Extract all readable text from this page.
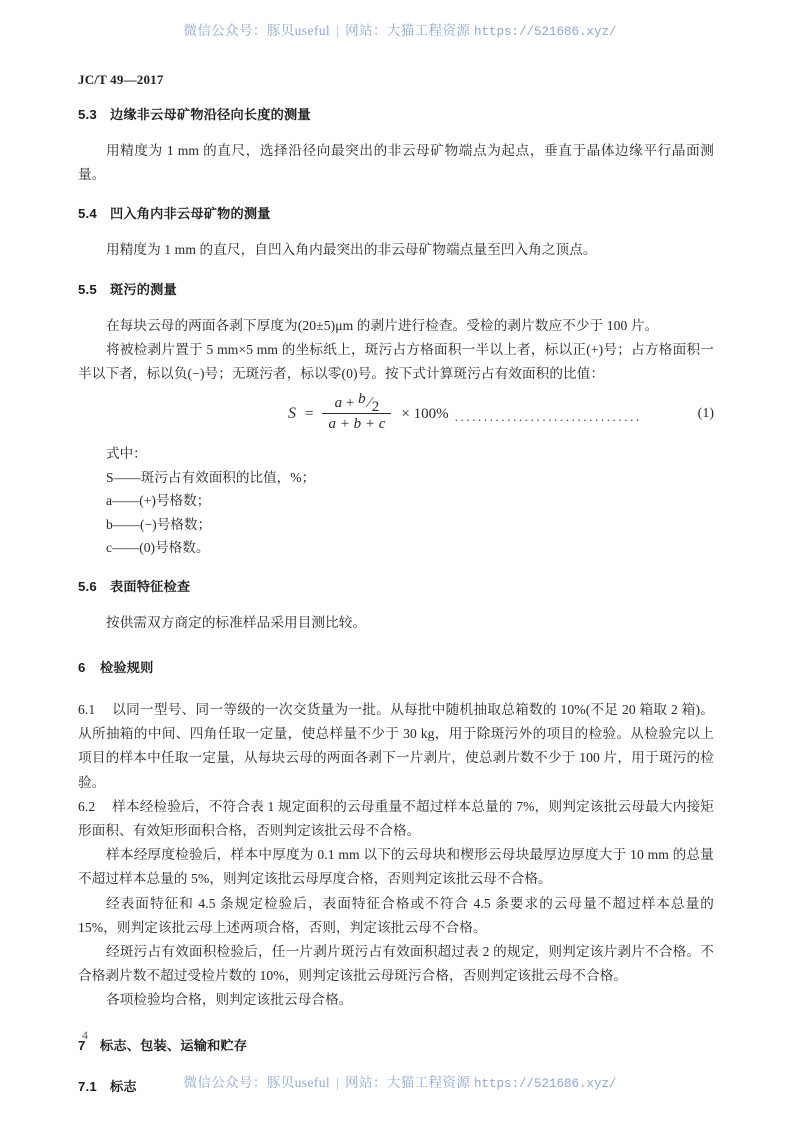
微信公众号：豚贝useful | 网站：大猫工程资源 https://521686.xyz/
JC/T 49—2017
5.3 边缘非云母矿物沿径向长度的测量
用精度为 1 mm 的直尺，选择沿径向最突出的非云母矿物端点为起点，垂直于晶体边缘平行晶面测量。
5.4 凹入角内非云母矿物的测量
用精度为 1 mm 的直尺，自凹入角内最突出的非云母矿物端点量至凹入角之顶点。
5.5 斑污的测量
在每块云母的两面各剥下厚度为(20±5)μm 的剥片进行检查。受检的剥片数应不少于 100 片。
将被检剥片置于 5 mm×5 mm 的坐标纸上，斑污占方格面积一半以上者，标以正(+)号；占方格面积一半以下者，标以负(−)号；无斑污者，标以零(0)号。按下式计算斑污占有效面积的比值：
$S = \frac{a + b/2}{a + b + c} \times 100\%$ ................................	(1)
式中：
S——斑污占有效面积的比值，%；
a——(+)号格数；
b——(−)号格数；
c——(0)号格数。
5.6 表面特征检查
按供需双方商定的标准样品采用目测比较。
6 检验规则
6.1 以同一型号、同一等级的一次交货量为一批。从每批中随机抽取总箱数的 10%(不足 20 箱取 2 箱)。从所抽箱的中间、四角任取一定量，使总样量不少于 30 kg，用于除斑污外的项目的检验。从检验完以上项目的样本中任取一定量，从每块云母的两面各剥下一片剥片，使总剥片数不少于 100 片，用于斑污的检验。
6.2 样本经检验后，不符合表 1 规定面积的云母重量不超过样本总量的 7%，则判定该批云母最大内接矩形面积、有效矩形面积合格，否则判定该批云母不合格。
样本经厚度检验后，样本中厚度为 0.1 mm 以下的云母块和楔形云母块最厚边厚度大于 10 mm 的总量不超过样本总量的 5%，则判定该批云母厚度合格，否则判定该批云母不合格。
经表面特征和 4.5 条规定检验后，表面特征合格或不符合 4.5 条要求的云母量不超过样本总量的 15%，则判定该批云母上述两项合格，否则，判定该批云母不合格。
经斑污占有效面积检验后，任一片剥片斑污占有效面积超过表 2 的规定，则判定该片剥片不合格。不合格剥片数不超过受检片数的 10%，则判定该批云母斑污合格，否则判定该批云母不合格。
各项检验均合格，则判定该批云母合格。
7 标志、包装、运输和贮存
7.1 标志
4
微信公众号：豚贝useful | 网站：大猫工程资源 https://521686.xyz/
